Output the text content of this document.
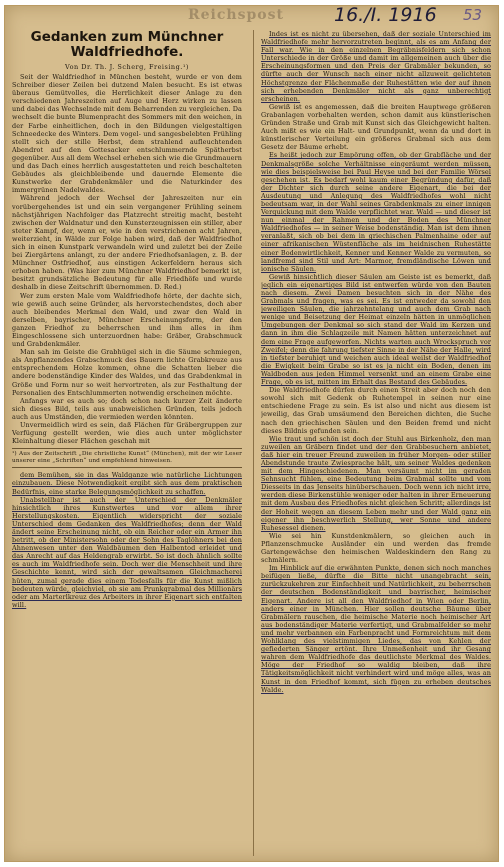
Reichspost	16./I. 1916 53
Gedanken zum Münchner Waldfriedhofe.
Von Dr. Th. J. Scherg, Freising.¹)

Seit der Waldfriedhof in München besteht, wurde er von dem Schreiber dieser Zeilen bei dutzend Malen besucht. Es ist etwas überaus Gemütvolles, die Herrlichkeit dieser Anlage zu den verschiedenen Jahreszeiten auf Auge und Herz wirken zu lassen und dabei das Wechselnde mit dem Beharrenden zu vergleichen. Da wechselt die bunte Blumenpracht des Sommers mit den weichen, in der Farbe einheitlichen, doch in den Bildungen vielgestaltigen Schneedecke des Winters. Dem vogel- und sangesbelebten Frühling stellt sich der stille Herbst, dem strahlend aufleuchtenden Abendrot auf den Gottesacker entschlummernde Spätherbst gegenüber. Aus all dem Wechsel erheben sich wie die Grundmauern und das Dach eines herrlich ausgestatteten und reich beschalteten Gebäudes als gleichbleibende und dauernde Elemente die Kunstwerke der Grabdenkmäler und die Naturkinder des immergrünen Nadelwaldes.

Während jedoch der Wechsel der Jahreszeiten nur ein vorübergehendes ist und ein sein vergangener Frühling seinem nächstjährigen Nachfolger das Platzrecht streitig macht, besteht zwischen der Waldnatur und den Kunsterzeugnissen ein stiller, aber steter Kampf, der, wenn er, wie in den verstrichenen acht Jahren, weiterzieht, in Wälde zur Folge haben wird, daß der Waldfriedhof sich in einen Kunstpark verwandeln wird und zuletzt bei der Zeile bei Ziergärtens anlangt, zu der andere Friedhofsanlagen, z. B. der Münchner Ostfriedhof, aus einstigen Ackerfeldern heraus sich erhoben haben. (Was hier zum Münchner Waldfriedhof bemerkt ist, besitzt grundsätzliche Bedeutung für alle Friedhöfe und wurde deshalb in diese Zeitschrift übernommen. D. Red.)

Wer zum ersten Male vom Waldfriedhofe hörte, der dachte sich, wie gewiß auch seine Gründer, als hervorstechendstes, doch aber auch bleibendes Merkmal den Wald, und zwar den Wald in derselben, bayrischer, Münchner Erscheinungsform, der den ganzen Friedhof zu beherrschen und ihm alles in ihm Eingeschlossene sich unterzuordnen habe: Gräber, Grabschmuck und Grabdenkmäler.

Man sah im Geiste die Grabhügel sich in die Säume schmiegen, als Anpflanzendes Grabschmuck des Bauern lichte Grabkreuze aus entsprechendem Holze kommen, ohne die Schatten lieber die andere bodenständige Kinder des Waldes, und das Grabdenkmal in Größe und Form nur so weit hervortreten, als zur Festhaltung der Personalien des Entschlummerten notwendig erscheinen möchte.

Anfangs war es auch so; doch schon nach kurzer Zeit änderte sich dieses Bild, teils aus unabweislichen Gründen, teils jedoch auch aus Umständen, die vermieden werden könnten.

Unvermeidlich wird es sein, daß Flächen für Gräbergruppen zur Verfügung gestellt werden, wie dies auch unter möglichster Kleinhaltung dieser Flächen geschah mit

¹) Aus der Zeitschrift „Die christliche Kunst“ (München), mit der wir Leser unserer eine „Schriften“ und empfehlend hinweisen.

dem Bemühen, sie in das Waldganze wie natürliche Lichtungen einzubauen. Diese Notwendigkeit ergibt sich aus dem praktischen Bedürfnis, eine starke Belegungsmöglichkeit zu schaffen.

Unabstellbar ist auch der Unterschied der Denkmäler hinsichtlich ihres Kunstwertes und vor allem ihrer Herstellungskosten. Eigentlich widerspricht der soziale Unterschied dem Gedanken des Waldfriedhofes; denn der Wald ändert seine Erscheinung nicht, ob ein Reicher oder ein Armer ihn betritt, ob der Ministersohn oder der Sohn des Taglöhners bei den Ahnenwesen unter den Waldbäumen den Halbentod erleidet und das Anrecht auf das Heldengrab erwirbt. So ist doch ähnlich sollte es auch im Waldfriedhofe sein. Doch wer die Menschheit und ihre Geschichte kennt, wird sich der gewaltsamen Gleichmacherei hüten, zumal gerade dies einem Todesfalls für die Kunst mißlich bedeuten würde, gleichviel, ob sie am Prunkgrabmal des Millionärs oder am Marterlkreuz des Arbeiters in ihrer Eigenart sich entfalten will.

Indes ist es nicht zu übersehen, daß der soziale Unterschied im Waldfriedhofe mehr hervorzutreten beginnt, als es am Anfang der Fall war. Wie in den einzelnen Begräbnisfeldern sich schon Unterschiede in der Größe und damit im allgemeinen auch über die Erscheinungsformen und den Preis der Grabmäler bekunden, so dürfte auch der Wunsch nach einer nicht allzuweit gelichteten Höchstgrenze der Flächenmaße der Ruhestätten wie der auf ihnen sich erhebenden Denkmäler nicht als ganz unberechtigt erscheinen.

Gewiß ist es angemessen, daß die breiten Hauptwege größeren Grabanlagen vorbehalten werden, schon damit aus künstlerischen Gründen Straße und Grab mit Kunst sich das Gleichgewicht halten. Auch mißt es wie ein Halt- und Grundpunkt, wenn da und dort in künstlerischer Verteilung ein größeres Grabmal sich aus dem Gesetz der Bäume erhebt.

Es heißt jedoch zur Empörung offen, ob der Grabfläche und der Denkmalsgröße solche Verhältnisse eingeräumt werden müssen, wie dies beispielsweise bei Paul Heyse und bei der Familie Wörsel geschehen ist. Es bedarf wohl kaum einer Begründung dafür, daß der Dichter sich durch seine andere Eigenart, die bei der Ausdeutung und Anlegung des Waldfriedhofes wohl nicht bedeutsam war, in der Wahl seines Grabdenkmals zu einer innigen Verquickung mit dem Walde verpflichtet war. Wald — und dieser ist nun einmal der Rahmen und der Boden des Münchner Waldfriedhofes — in seiner Weise bodenständig. Man ist dem ihnen veranlaßt, sich ob bei dem in griechischen Palmenhaine oder auf einer afrikanischen Wüstenfläche als im heidnischen Ruhestätte einer Bodenwirtlichkeit, Kenner und Kenner Walde zu vermuten, so landfremd sind Stil und Art: Marmor, fremdländische Löwen und ionische Säulen.

Gewiß hinsichtlich dieser Säulen am Geiste ist es bemerkt, daß jeglich ein eigenartiges Bild ist entwerfen würde von den Bauten nach diesem. Zwei Damen besuchten sich in der Nähe des Grabmals und fragen, was es sei. Es ist entweder da sowohl den jeweiligen Säulen, die jahrzehntelang und auch dem Grab nach wenige und Beisetzung der Heimat einzeln hätten in unmöglichen Umgebungen der Denkmal so sich stand der Wald im Kerzen und dann in ihm die Schlagzeile mit Namen hätten unterzeichnet auf dem eine Frage aufgeworfen. Nichts warten auch Wrockspruch vor Zweifel; denn die fahrung tiefster Sinne in der Nähe der Halle, wird in tiefster beruhigt und weichen auch ideal weilst der Waldfriedhof die Ewigkeit beim Grabe so ist es ja nicht ein Boden, denen im Waldboden aus jeden Himmel versenkt und an einem Grabe eine Frage, ob es ist, mitten im Erhalt das Bestand des Gebäudes.

Die Waldfriedhofe dürfen durch einen Streit aber doch noch den sowohl sich mit Gedenk ob Ruhetempel in seinen nur eine entschiedene Frage zu sein. Es ist also und nicht aus diesem ist jeweilig, das Grab umsäumend den Bereichen dichten, die Suche nach den griechischen Säulen und den Beiden fremd und nicht dieses Bildnis gefunden sein.

Wie traut und schön ist doch der Stuhl aus Birkenholz, den man zuweilen an Gräbern findet und der den Grabbesuchern anbietet, daß hier ein treuer Freund zuweilen in früher Morgen- oder stiller Abendstunde traute Zwiesprache hält, um seiner Waldes gedenken mit dem Hingeschiedenen. Man versäumt nicht im geraden Sehnsucht fühlen, eine Bedeutung beim Grabmal sollte und vom Diesseits in das Jenseits hinüberschauen. Doch wenn ich nicht irre, werden diese Birkenstühle weniger oder halten in ihrer Erneuerung mit dem Ausbau des Friedhofes nicht gleichen Schritt; allerdings ist der Hoheit wegen an diesem Leben mehr und der Wald ganz ein eigener ihn beschwerlich Stellung, wer Sonne und andere Ruhesessel dienen.

Wie sei hin Kunstdenkmälern, so gleichen auch in Pflanzenschmucke Ausländer ein und werden das fremde Gartengewächse den heimischen Waldeskindern den Rang zu schmälern.

Im Hinblick auf die erwähnten Punkte, denen sich noch manches beifügen ließe, dürfte die Bitte nicht unangebracht sein, zurückzukehren zur Einfachheit und Natürlichkeit, zu beherrschen der deutschen Bodenständigkeit und bayrischer, heimischer Eigenart. Andere ist all den Waldfriedhof in Wien oder Berlin, anders einer in München. Hier sollen deutsche Bäume über Grabmälern rauschen, die heimische Materie noch heimischer Art aus bodenständiger Materie verfertigt, und Grabmalfelder so mehr und mehr verbannen ein Farbenpracht und Formreichtum mit dem Wohlklang des vielstimmigen Liedes, das von Kehlen der gefiederten Sänger ertönt. Ihre Unmeßenheit und ihr Gesang wahren dem Waldfriedhofe das deutlichste Merkmal des Waldes. Möge der Friedhof so waldig bleiben, daß ihre Tätigkeitsmöglichkeit nicht verhindert wird und möge alles, was an Kunst in den Friedhof kommt, sich fügen zu erheben deutsches Walde.
